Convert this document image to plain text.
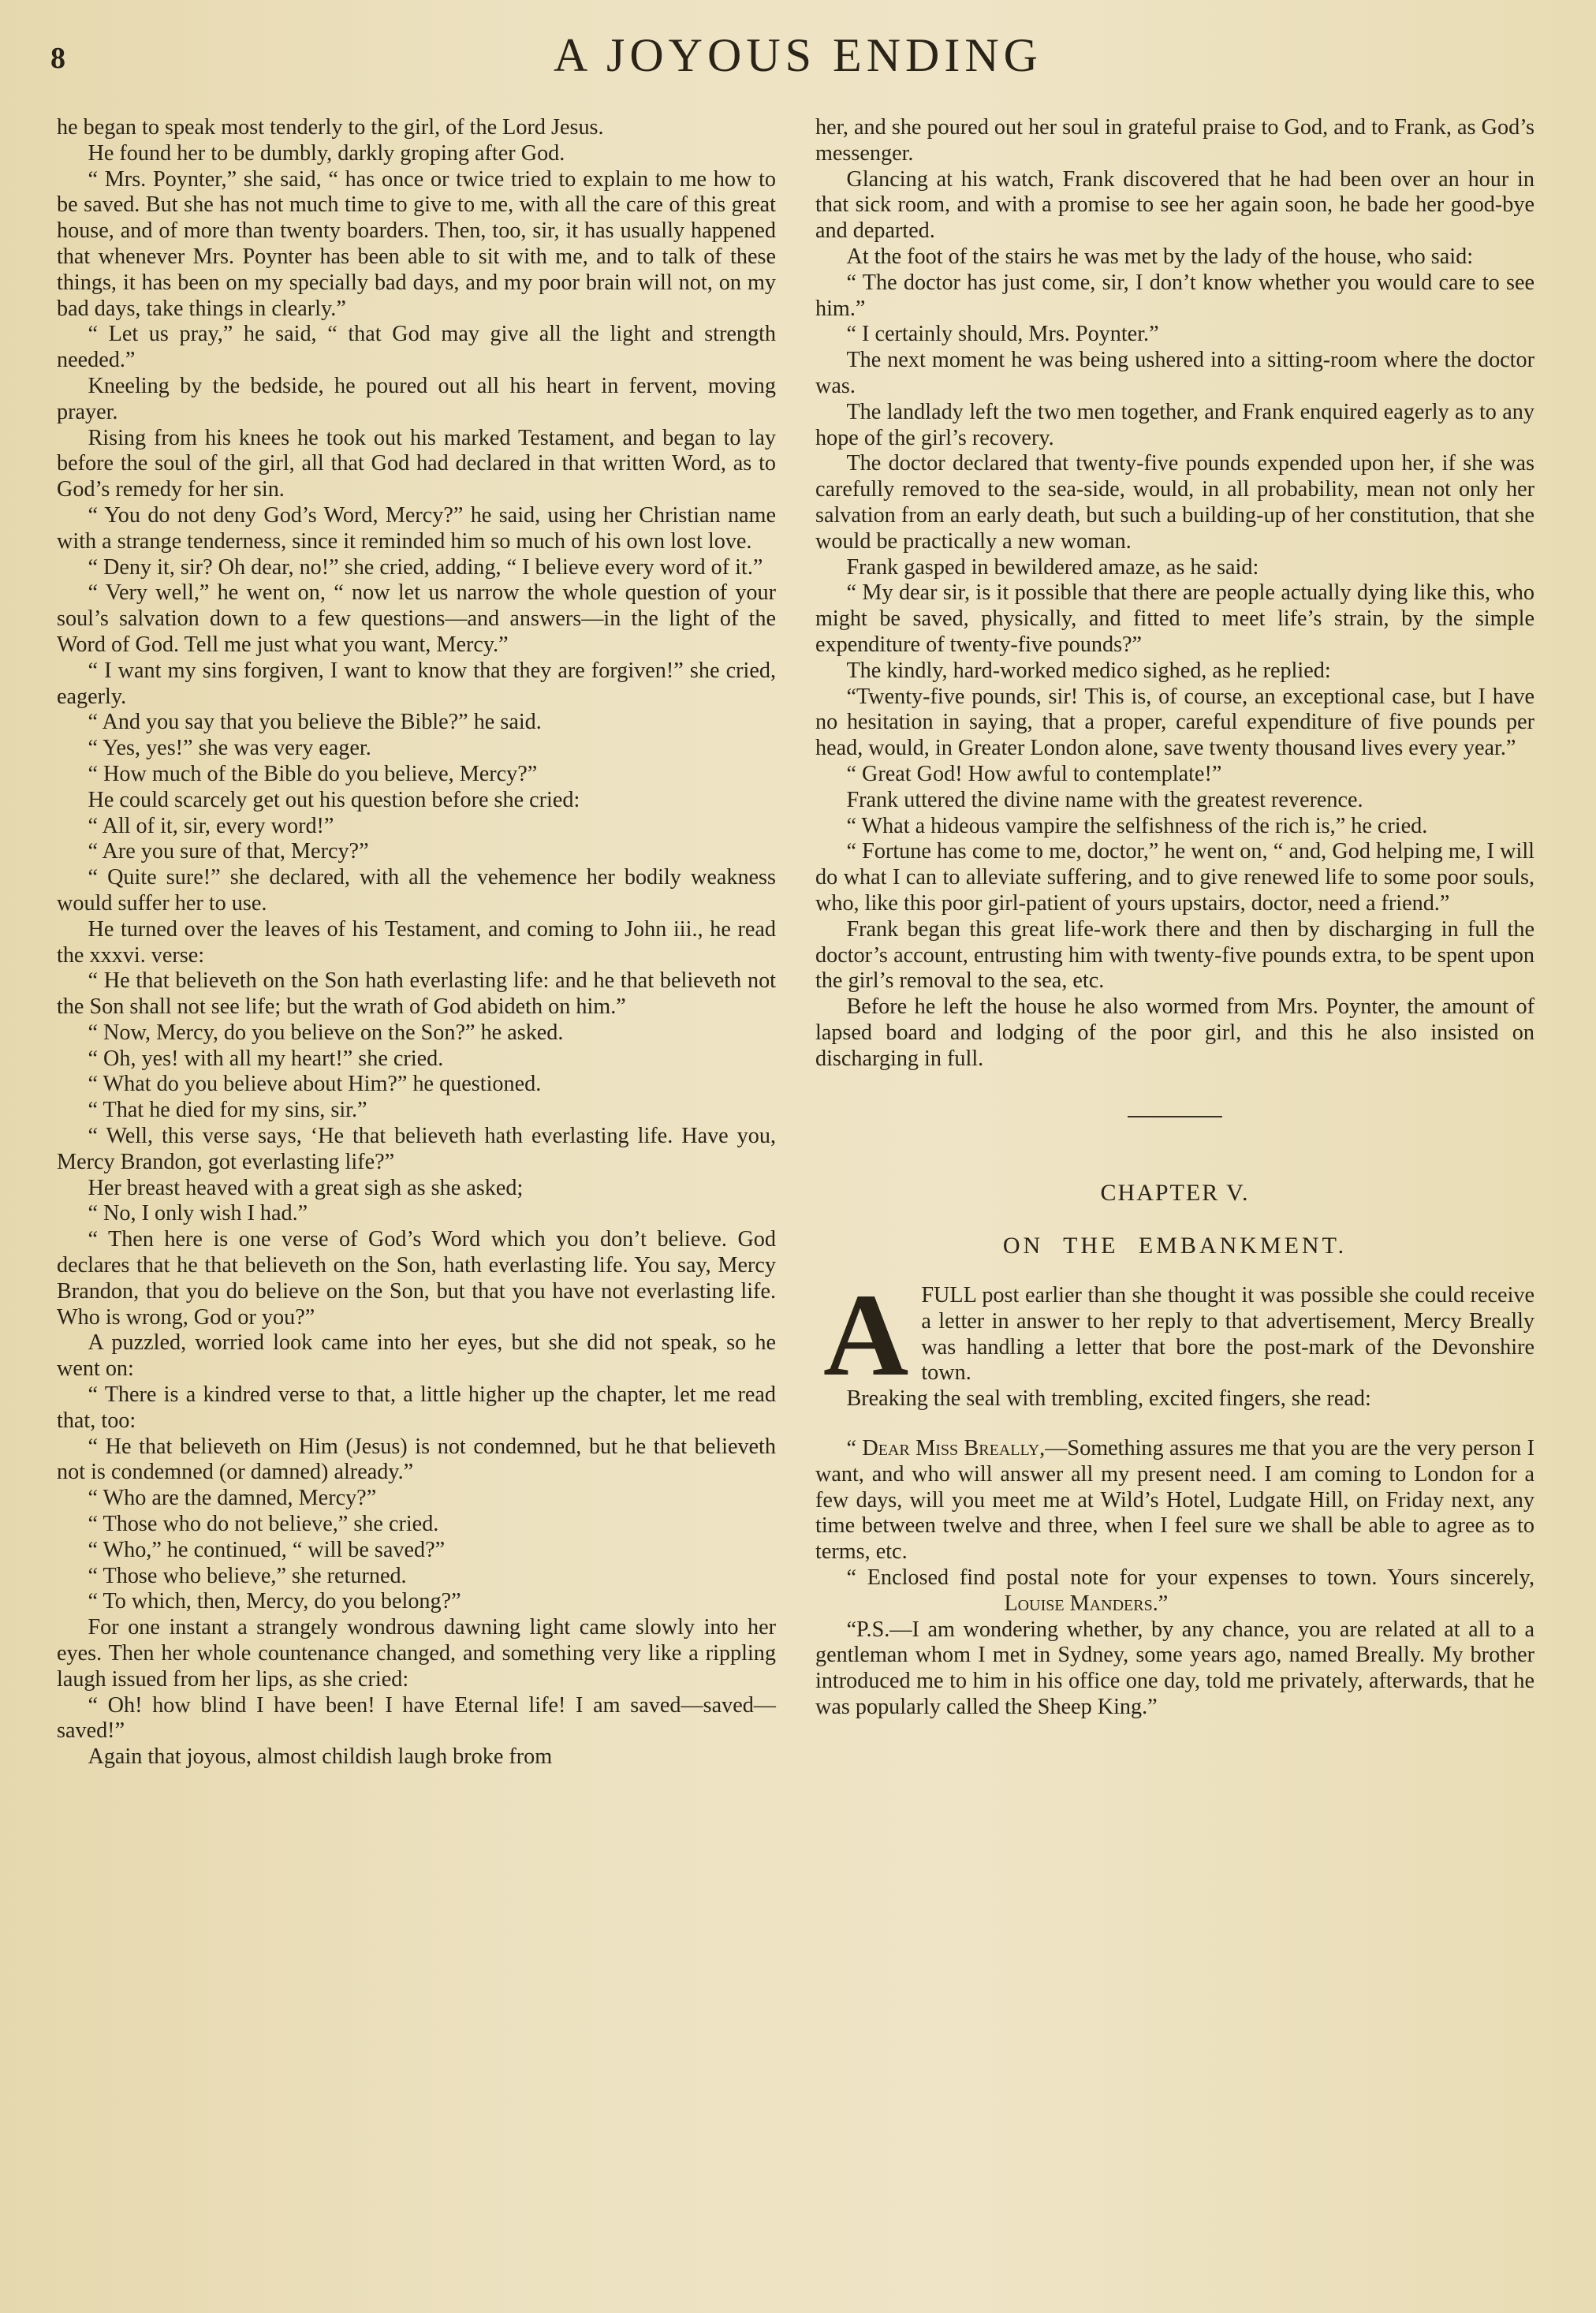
8	A JOYOUS ENDING

he began to speak most tenderly to the girl, of the Lord Jesus.

He found her to be dumbly, darkly groping after God.

“ Mrs. Poynter,” she said, “ has once or twice tried to explain to me how to be saved. But she has not much time to give to me, with all the care of this great house, and of more than twenty boarders. Then, too, sir, it has usually happened that whenever Mrs. Poynter has been able to sit with me, and to talk of these things, it has been on my specially bad days, and my poor brain will not, on my bad days, take things in clearly.”

“ Let us pray,” he said, “ that God may give all the light and strength needed.”

Kneeling by the bedside, he poured out all his heart in fervent, moving prayer.

Rising from his knees he took out his marked Testament, and began to lay before the soul of the girl, all that God had declared in that written Word, as to God’s remedy for her sin.

“ You do not deny God’s Word, Mercy?” he said, using her Christian name with a strange tenderness, since it reminded him so much of his own lost love.

“ Deny it, sir? Oh dear, no!” she cried, adding, “ I believe every word of it.”

“ Very well,” he went on, “ now let us narrow the whole question of your soul’s salvation down to a few questions—and answers—in the light of the Word of God. Tell me just what you want, Mercy.”

“ I want my sins forgiven, I want to know that they are forgiven!” she cried, eagerly.

“ And you say that you believe the Bible?” he said.

“ Yes, yes!” she was very eager.

“ How much of the Bible do you believe, Mercy?”

He could scarcely get out his question before she cried:

“ All of it, sir, every word!”

“ Are you sure of that, Mercy?”

“ Quite sure!” she declared, with all the vehemence her bodily weakness would suffer her to use.

He turned over the leaves of his Testament, and coming to John iii., he read the xxxvi. verse:

“ He that believeth on the Son hath everlasting life: and he that believeth not the Son shall not see life; but the wrath of God abideth on him.”

“ Now, Mercy, do you believe on the Son?” he asked.

“ Oh, yes! with all my heart!” she cried.

“ What do you believe about Him?” he questioned.

“ That he died for my sins, sir.”

“ Well, this verse says, ‘He that believeth hath everlasting life. Have you, Mercy Brandon, got everlasting life?”

Her breast heaved with a great sigh as she asked;

“ No, I only wish I had.”

“ Then here is one verse of God’s Word which you don’t believe. God declares that he that believeth on the Son, hath everlasting life. You say, Mercy Brandon, that you do believe on the Son, but that you have not everlasting life. Who is wrong, God or you?”

A puzzled, worried look came into her eyes, but she did not speak, so he went on:

“ There is a kindred verse to that, a little higher up the chapter, let me read that, too:

“ He that believeth on Him (Jesus) is not condemned, but he that believeth not is condemned (or damned) already.”

“ Who are the damned, Mercy?”

“ Those who do not believe,” she cried.

“ Who,” he continued, “ will be saved?”

“ Those who believe,” she returned.

“ To which, then, Mercy, do you belong?”

For one instant a strangely wondrous dawning light came slowly into her eyes. Then her whole countenance changed, and something very like a rippling laugh issued from her lips, as she cried:

“ Oh! how blind I have been! I have Eternal life! I am saved—saved—saved!”

Again that joyous, almost childish laugh broke from

her, and she poured out her soul in grateful praise to God, and to Frank, as God’s messenger.

Glancing at his watch, Frank discovered that he had been over an hour in that sick room, and with a promise to see her again soon, he bade her good-bye and departed.

At the foot of the stairs he was met by the lady of the house, who said:

“ The doctor has just come, sir, I don’t know whether you would care to see him.”

“ I certainly should, Mrs. Poynter.”

The next moment he was being ushered into a sitting-room where the doctor was.

The landlady left the two men together, and Frank enquired eagerly as to any hope of the girl’s recovery.

The doctor declared that twenty-five pounds expended upon her, if she was carefully removed to the sea-side, would, in all probability, mean not only her salvation from an early death, but such a building-up of her constitution, that she would be practically a new woman.

Frank gasped in bewildered amaze, as he said:

“ My dear sir, is it possible that there are people actually dying like this, who might be saved, physically, and fitted to meet life’s strain, by the simple expenditure of twenty-five pounds?”

The kindly, hard-worked medico sighed, as he replied:

“Twenty-five pounds, sir! This is, of course, an exceptional case, but I have no hesitation in saying, that a proper, careful expenditure of five pounds per head, would, in Greater London alone, save twenty thousand lives every year.”

“ Great God! How awful to contemplate!”

Frank uttered the divine name with the greatest reverence.

“ What a hideous vampire the selfishness of the rich is,” he cried.

“ Fortune has come to me, doctor,” he went on, “ and, God helping me, I will do what I can to alleviate suffering, and to give renewed life to some poor souls, who, like this poor girl-patient of yours upstairs, doctor, need a friend.”

Frank began this great life-work there and then by discharging in full the doctor’s account, entrusting him with twenty-five pounds extra, to be spent upon the girl’s removal to the sea, etc.

Before he left the house he also wormed from Mrs. Poynter, the amount of lapsed board and lodging of the poor girl, and this he also insisted on discharging in full.

CHAPTER V.
ON THE EMBANKMENT.
A FULL post earlier than she thought it was possible she could receive a letter in answer to her reply to that advertisement, Mercy Breally was handling a letter that bore the post-mark of the Devonshire town.

Breaking the seal with trembling, excited fingers, she read:

“ Dear Miss Breally,—Something assures me that you are the very person I want, and who will answer all my present need. I am coming to London for a few days, will you meet me at Wild’s Hotel, Ludgate Hill, on Friday next, any time between twelve and three, when I feel sure we shall be able to agree as to terms, etc.

“ Enclosed find postal note for your expenses to town. Yours sincerely,Louise Manders.”

“P.S.—I am wondering whether, by any chance, you are related at all to a gentleman whom I met in Sydney, some years ago, named Breally. My brother introduced me to him in his office one day, told me privately, afterwards, that he was popularly called the Sheep King.”
